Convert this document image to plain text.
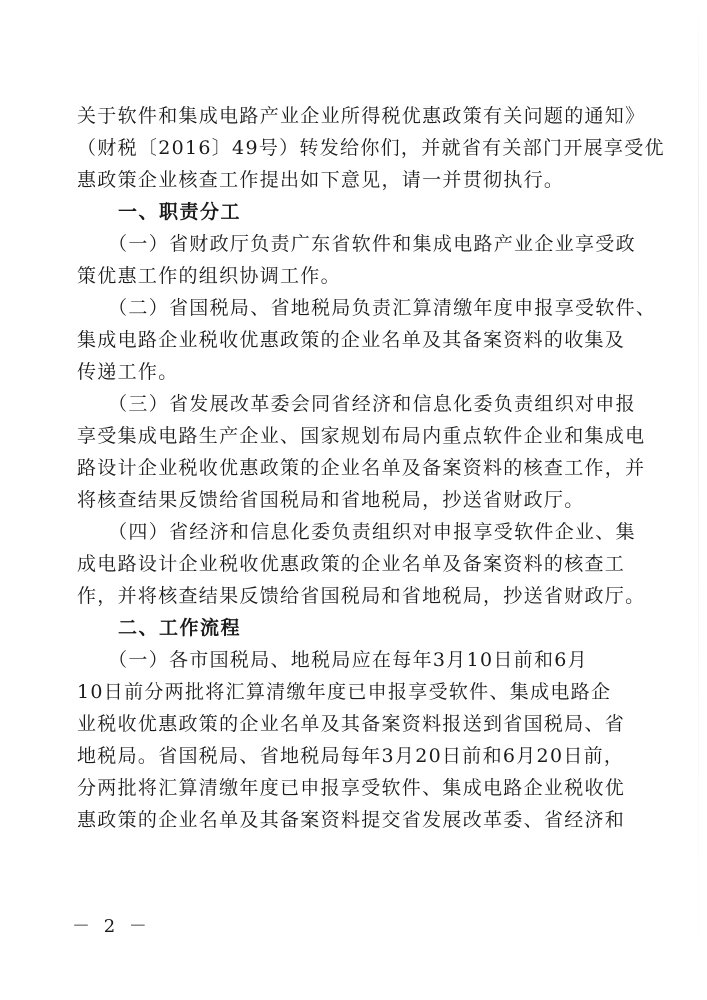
关于软件和集成电路产业企业所得税优惠政策有关问题的通知》
（财税〔2016〕49号）转发给你们，并就省有关部门开展享受优
惠政策企业核查工作提出如下意见，请一并贯彻执行。
　　一、职责分工
　　（一）省财政厅负责广东省软件和集成电路产业企业享受政
策优惠工作的组织协调工作。
　　（二）省国税局、省地税局负责汇算清缴年度申报享受软件、
集成电路企业税收优惠政策的企业名单及其备案资料的收集及
传递工作。
　　（三）省发展改革委会同省经济和信息化委负责组织对申报
享受集成电路生产企业、国家规划布局内重点软件企业和集成电
路设计企业税收优惠政策的企业名单及备案资料的核查工作，并
将核查结果反馈给省国税局和省地税局，抄送省财政厅。
　　（四）省经济和信息化委负责组织对申报享受软件企业、集
成电路设计企业税收优惠政策的企业名单及备案资料的核查工
作，并将核查结果反馈给省国税局和省地税局，抄送省财政厅。
　　二、工作流程
　　（一）各市国税局、地税局应在每年3月10日前和6月
10日前分两批将汇算清缴年度已申报享受软件、集成电路企
业税收优惠政策的企业名单及其备案资料报送到省国税局、省
地税局。省国税局、省地税局每年3月20日前和6月20日前，
分两批将汇算清缴年度已申报享受软件、集成电路企业税收优
惠政策的企业名单及其备案资料提交省发展改革委、省经济和
－ 2 －
